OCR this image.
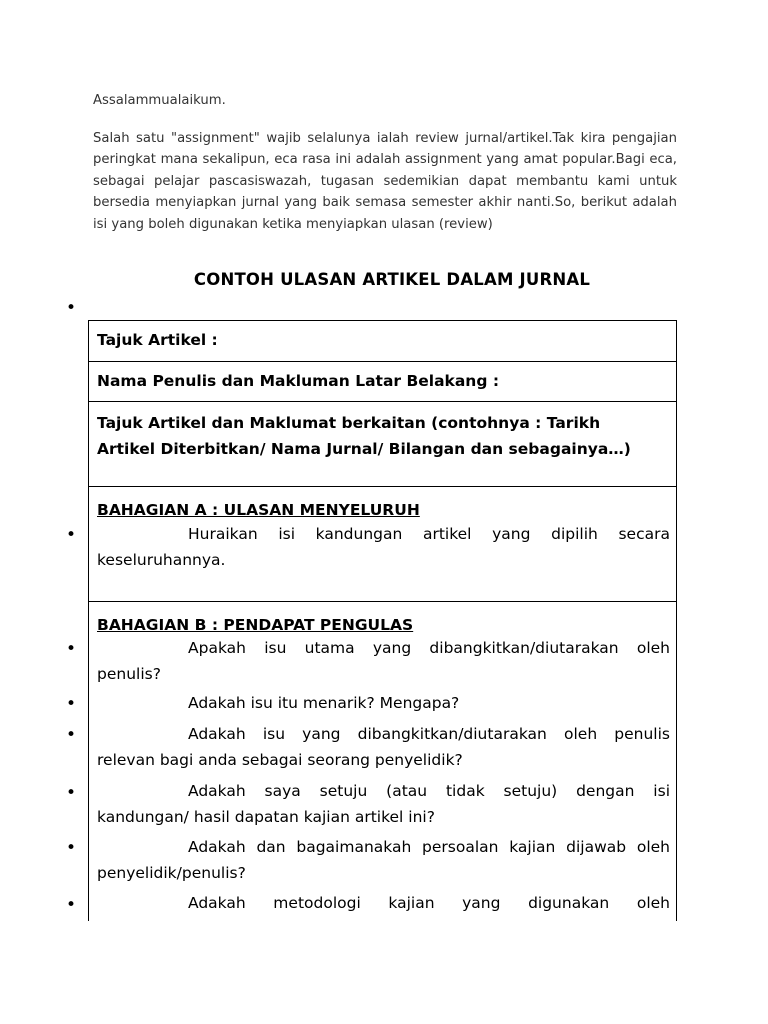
Assalammualaikum.
Salah satu "assignment" wajib selalunya ialah review jurnal/artikel.Tak kira pengajian peringkat mana sekalipun, eca rasa ini adalah assignment yang amat popular.Bagi eca, sebagai pelajar pascasiswazah, tugasan sedemikian dapat membantu kami untuk bersedia menyiapkan jurnal yang baik semasa semester akhir nanti.So, berikut adalah isi yang boleh digunakan ketika menyiapkan ulasan (review)
CONTOH ULASAN ARTIKEL DALAM JURNAL
•
•
•
•
•
•
•
•
Tajuk Artikel :
Nama Penulis dan Makluman Latar Belakang :
Tajuk Artikel dan Maklumat berkaitan (contohnya : Tarikh
Artikel Diterbitkan/ Nama Jurnal/ Bilangan dan sebagainya…)
BAHAGIAN A : ULASAN MENYELURUH
Huraikan isi kandungan artikel yang dipilih secara
keseluruhannya.
BAHAGIAN B : PENDAPAT PENGULAS
Apakah isu utama yang dibangkitkan/diutarakan oleh
penulis?
Adakah isu itu menarik? Mengapa?
Adakah isu yang dibangkitkan/diutarakan oleh penulis
relevan bagi anda sebagai seorang penyelidik?
Adakah saya setuju (atau tidak setuju) dengan isi
kandungan/ hasil dapatan kajian artikel ini?
Adakah dan bagaimanakah persoalan kajian dijawab oleh
penyelidik/penulis?
Adakah metodologi kajian yang digunakan oleh
